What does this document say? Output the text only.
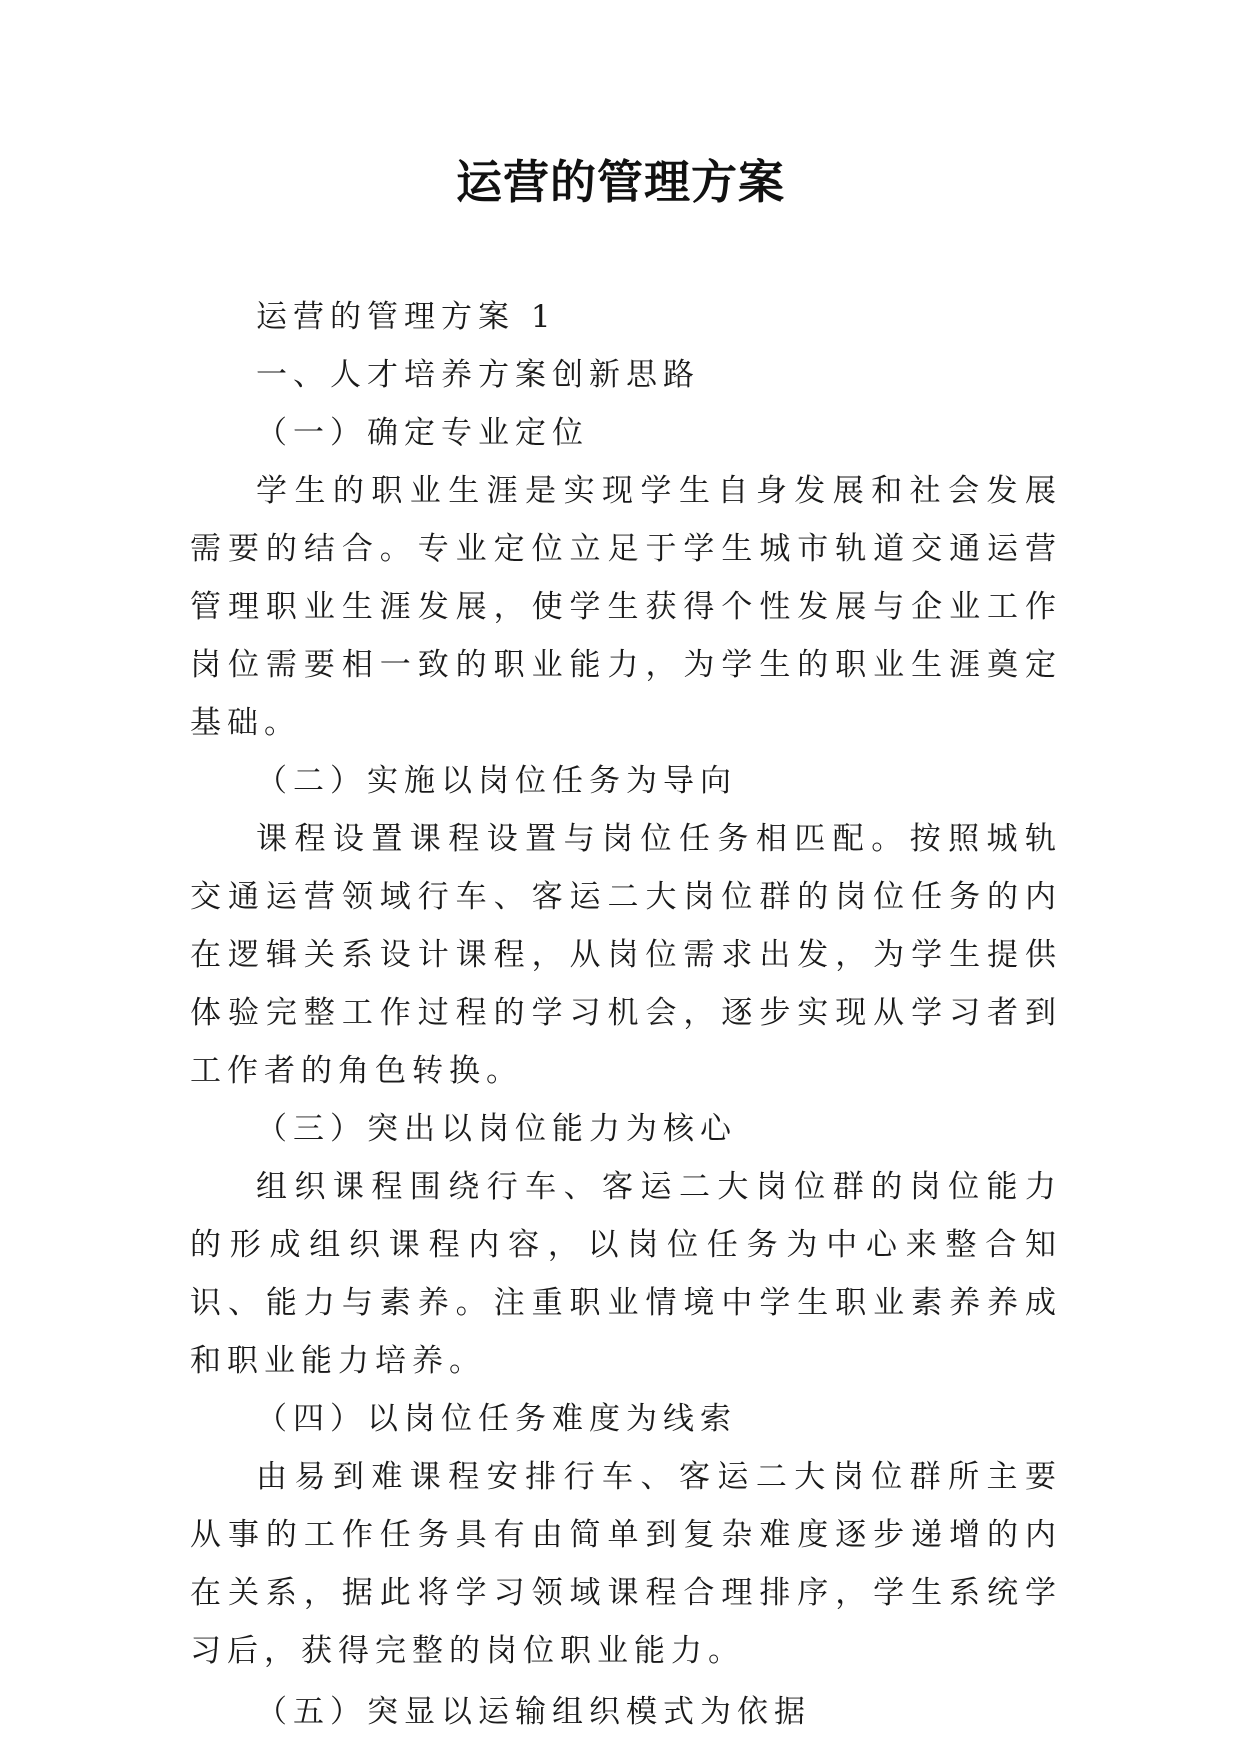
运营的管理方案

运营的管理方案 1

一、人才培养方案创新思路

（一）确定专业定位

学生的职业生涯是实现学生自身发展和社会发展需要的结合。专业定位立足于学生城市轨道交通运营管理职业生涯发展，使学生获得个性发展与企业工作岗位需要相一致的职业能力，为学生的职业生涯奠定基础。

（二）实施以岗位任务为导向

课程设置课程设置与岗位任务相匹配。按照城轨交通运营领域行车、客运二大岗位群的岗位任务的内在逻辑关系设计课程，从岗位需求出发，为学生提供体验完整工作过程的学习机会，逐步实现从学习者到工作者的角色转换。

（三）突出以岗位能力为核心

组织课程围绕行车、客运二大岗位群的岗位能力的形成组织课程内容，以岗位任务为中心来整合知识、能力与素养。注重职业情境中学生职业素养养成和职业能力培养。

（四）以岗位任务难度为线索

由易到难课程安排行车、客运二大岗位群所主要从事的工作任务具有由简单到复杂难度逐步递增的内在关系，据此将学习领域课程合理排序，学生系统学习后，获得完整的岗位职业能力。

（五）突显以运输组织模式为依据
